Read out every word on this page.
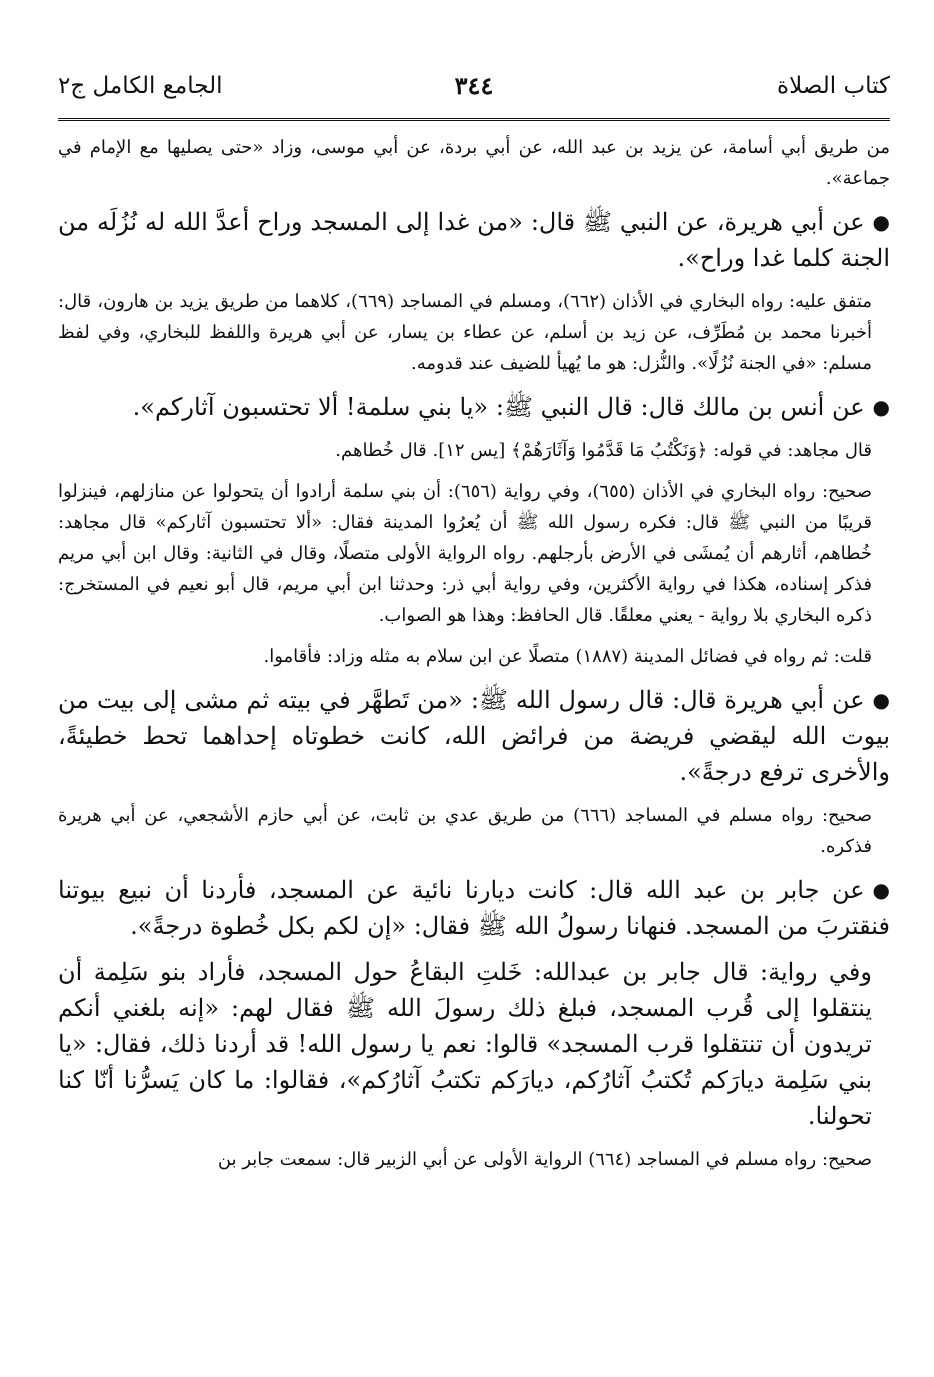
كتاب الصلاة
٣٤٤
الجامع الكامل ج٢

من طريق أبي أسامة، عن يزيد بن عبد الله، عن أبي بردة، عن أبي موسى، وزاد «حتى يصليها مع الإمام في جماعة».

●عن أبي هريرة، عن النبي ﷺ قال: «من غدا إلى المسجد وراح أعدَّ الله له نُزُلَه من الجنة كلما غدا وراح».

متفق عليه: رواه البخاري في الأذان (٦٦٢)، ومسلم في المساجد (٦٦٩)، كلاهما من طريق يزيد بن هارون، قال: أخبرنا محمد بن مُطَرِّف، عن زيد بن أسلم، عن عطاء بن يسار، عن أبي هريرة واللفظ للبخاري، وفي لفظ مسلم: «في الجنة نُزُلًا». والنُّزل: هو ما يُهيأ للضيف عند قدومه.

●عن أنس بن مالك قال: قال النبي ﷺ: «يا بني سلمة! ألا تحتسبون آثاركم».

قال مجاهد: في قوله: ﴿وَنَكْتُبُ مَا قَدَّمُوا وَآثَارَهُمْ﴾ [يس ١٢]. قال خُطاهم.

صحيح: رواه البخاري في الأذان (٦٥٥)، وفي رواية (٦٥٦): أن بني سلمة أرادوا أن يتحولوا عن منازلهم، فينزلوا قريبًا من النبي ﷺ قال: فكره رسول الله ﷺ أن يُعرُوا المدينة فقال: «ألا تحتسبون آثاركم» قال مجاهد: خُطاهم، أثارهم أن يُمشَى في الأرض بأرجلهم. رواه الرواية الأولى متصلًا، وقال في الثانية: وقال ابن أبي مريم فذكر إسناده، هكذا في رواية الأكثرين، وفي رواية أبي ذر: وحدثنا ابن أبي مريم، قال أبو نعيم في المستخرج: ذكره البخاري بلا رواية - يعني معلقًا. قال الحافظ: وهذا هو الصواب.

قلت: ثم رواه في فضائل المدينة (١٨٨٧) متصلًا عن ابن سلام به مثله وزاد: فأقاموا.

●عن أبي هريرة قال: قال رسول الله ﷺ: «من تَطهَّر في بيته ثم مشى إلى بيت من بيوت الله ليقضي فريضة من فرائض الله، كانت خطوتاه إحداهما تحط خطيئةً، والأخرى ترفع درجةً».

صحيح: رواه مسلم في المساجد (٦٦٦) من طريق عدي بن ثابت، عن أبي حازم الأشجعي، عن أبي هريرة فذكره.

●عن جابر بن عبد الله قال: كانت ديارنا نائية عن المسجد، فأردنا أن نبيع بيوتنا فنقتربَ من المسجد. فنهانا رسولُ الله ﷺ فقال: «إن لكم بكل خُطوة درجةً».

وفي رواية: قال جابر بن عبدالله: خَلتِ البقاعُ حول المسجد، فأراد بنو سَلِمة أن ينتقلوا إلى قُرب المسجد، فبلغ ذلك رسولَ الله ﷺ فقال لهم: «إنه بلغني أنكم تريدون أن تنتقلوا قرب المسجد» قالوا: نعم يا رسول الله! قد أردنا ذلك، فقال: «يا بني سَلِمة ديارَكم تُكتبُ آثارُكم، ديارَكم تكتبُ آثارُكم»، فقالوا: ما كان يَسرُّنا أنّا كنا تحولنا.

صحيح: رواه مسلم في المساجد (٦٦٤) الرواية الأولى عن أبي الزبير قال: سمعت جابر بن
